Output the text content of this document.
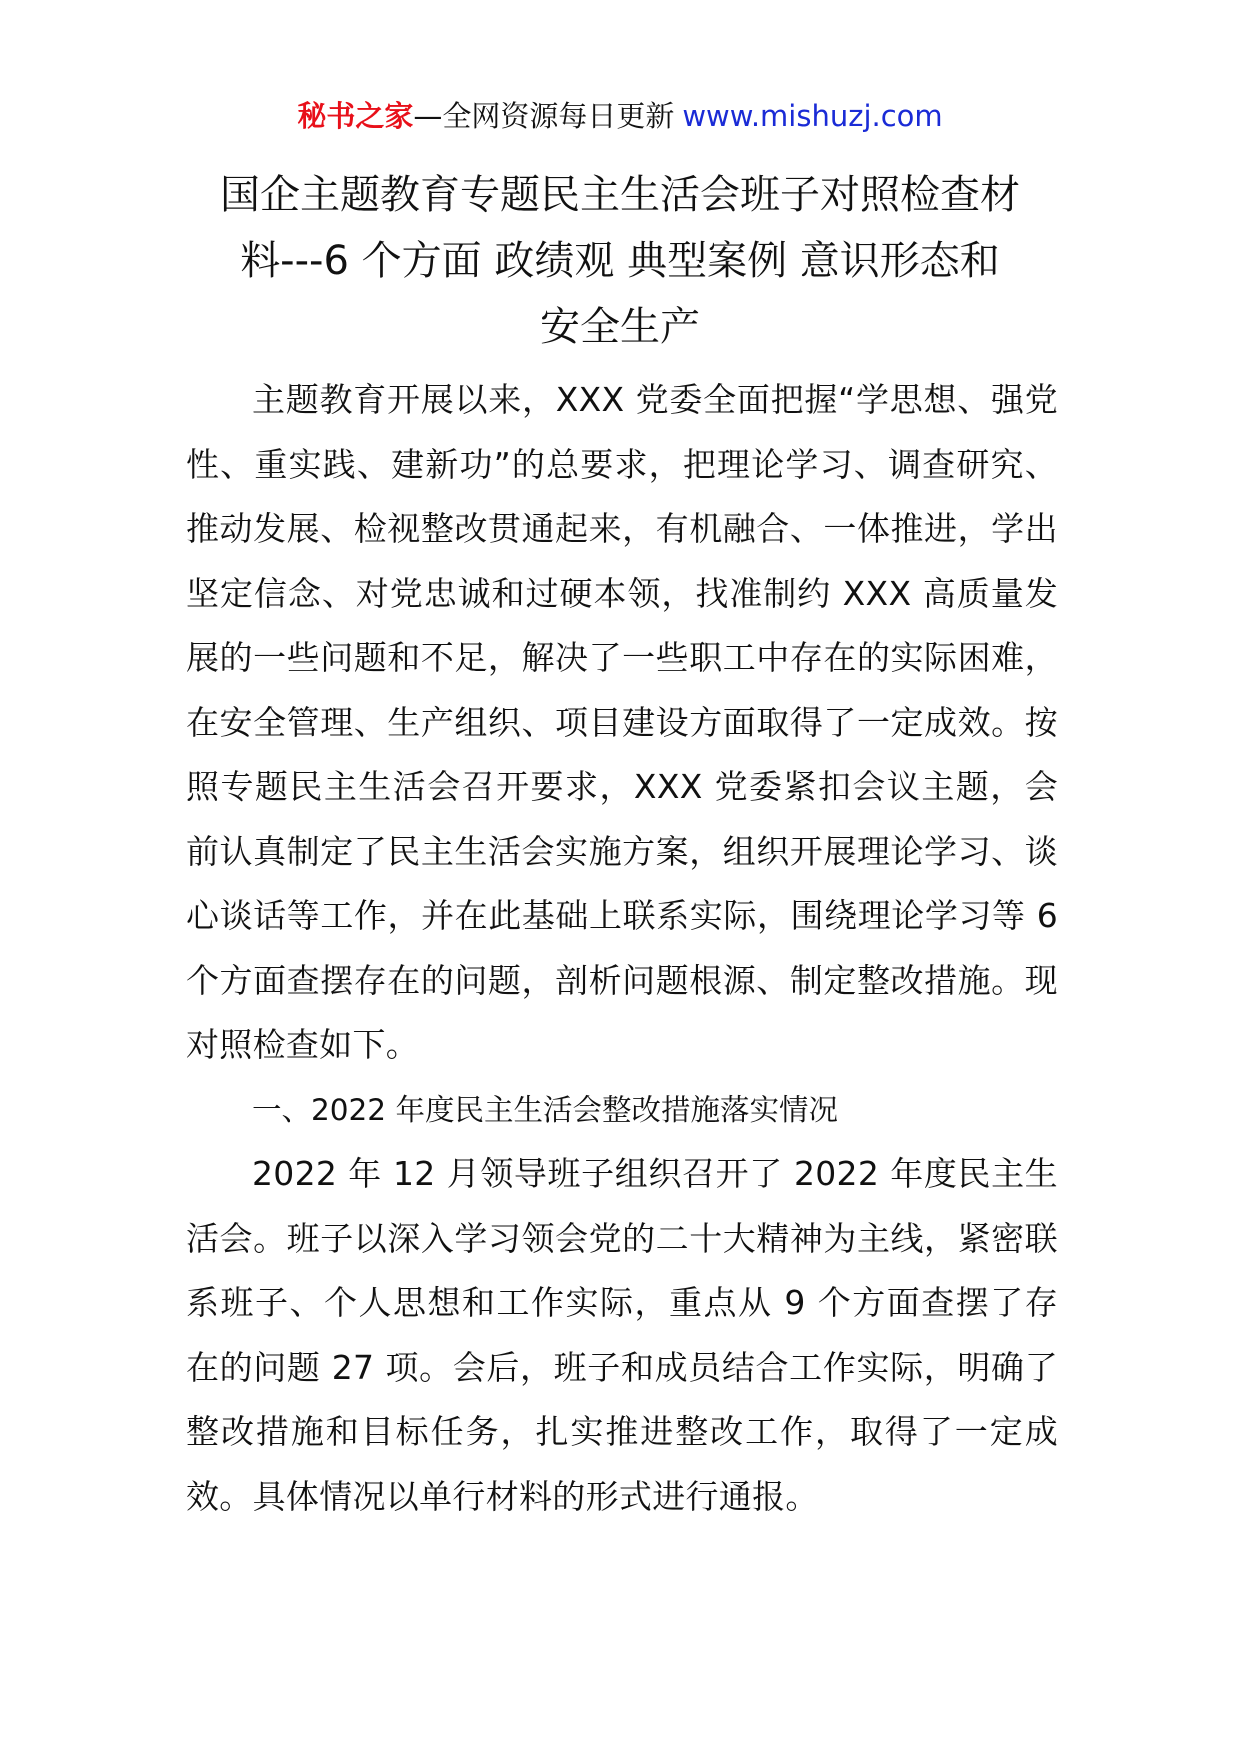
秘书之家—全网资源每日更新 www.mishuzj.com
国企主题教育专题民主生活会班子对照检查材
料---6 个方面 政绩观 典型案例 意识形态和
安全生产

主题教育开展以来，XXX 党委全面把握“学思想、强党性、重实践、建新功”的总要求，把理论学习、调查研究、推动发展、检视整改贯通起来，有机融合、一体推进，学出坚定信念、对党忠诚和过硬本领，找准制约 XXX 高质量发展的一些问题和不足，解决了一些职工中存在的实际困难，在安全管理、生产组织、项目建设方面取得了一定成效。按照专题民主生活会召开要求，XXX 党委紧扣会议主题，会前认真制定了民主生活会实施方案，组织开展理论学习、谈心谈话等工作，并在此基础上联系实际，围绕理论学习等 6 个方面查摆存在的问题，剖析问题根源、制定整改措施。现对照检查如下。

一、2022 年度民主生活会整改措施落实情况

2022 年 12 月领导班子组织召开了 2022 年度民主生活会。班子以深入学习领会党的二十大精神为主线，紧密联系班子、个人思想和工作实际，重点从 9 个方面查摆了存在的问题 27 项。会后，班子和成员结合工作实际，明确了整改措施和目标任务，扎实推进整改工作，取得了一定成效。具体情况以单行材料的形式进行通报。
